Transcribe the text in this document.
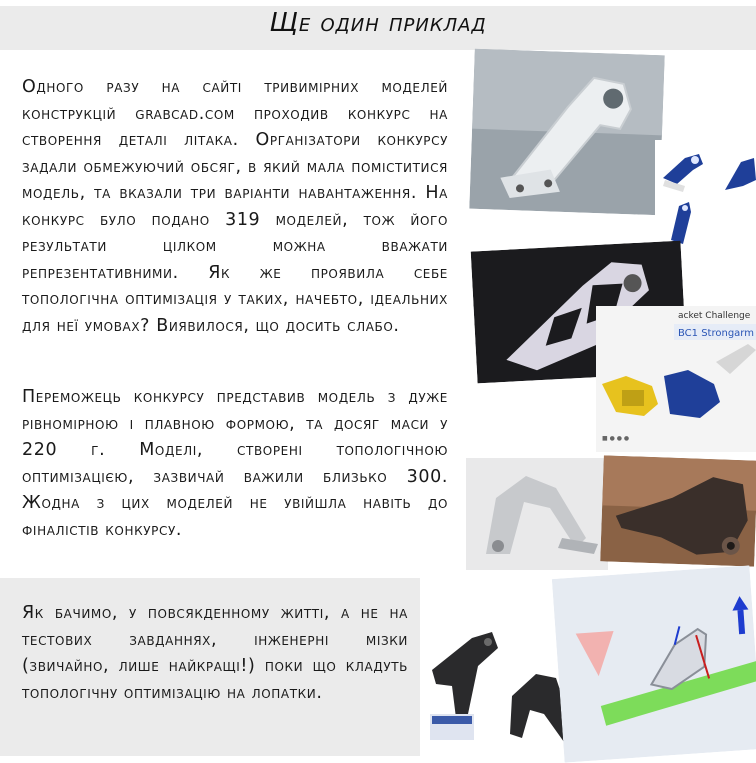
Ще один приклад
Одного разу на сайті тривимірних моделей конструкцій grabcad.com проходив конкурс на створення деталі літака. Організатори конкурсу задали обмежуючий обсяг, в який мала поміститися модель, та вказали три варіанти навантаження. На конкурс було подано 319 моделей, тож його результати цілком можна вважати репрезентативними. Як же проявила себе топологічна оптимізація у таких, начебто, ідеальних для неї умовах? Виявилося, що досить слабо.
Переможець конкурсу представив модель з дуже рівномірною і плавною формою, та досяг маси у 220 г. Моделі, створені топологічною оптимізацією, зазвичай важили близько 300. Жодна з цих моделей не увійшла навіть до фіналістів конкурсу.
Як бачимо, у повсякденному житті, а не на тестових завданнях, інженерні мізки (звичайно, лише найкращі!) поки що кладуть топологічну оптимізацію на лопатки.
acket Challenge
BC1 Strongarm
■ ● ● ●
